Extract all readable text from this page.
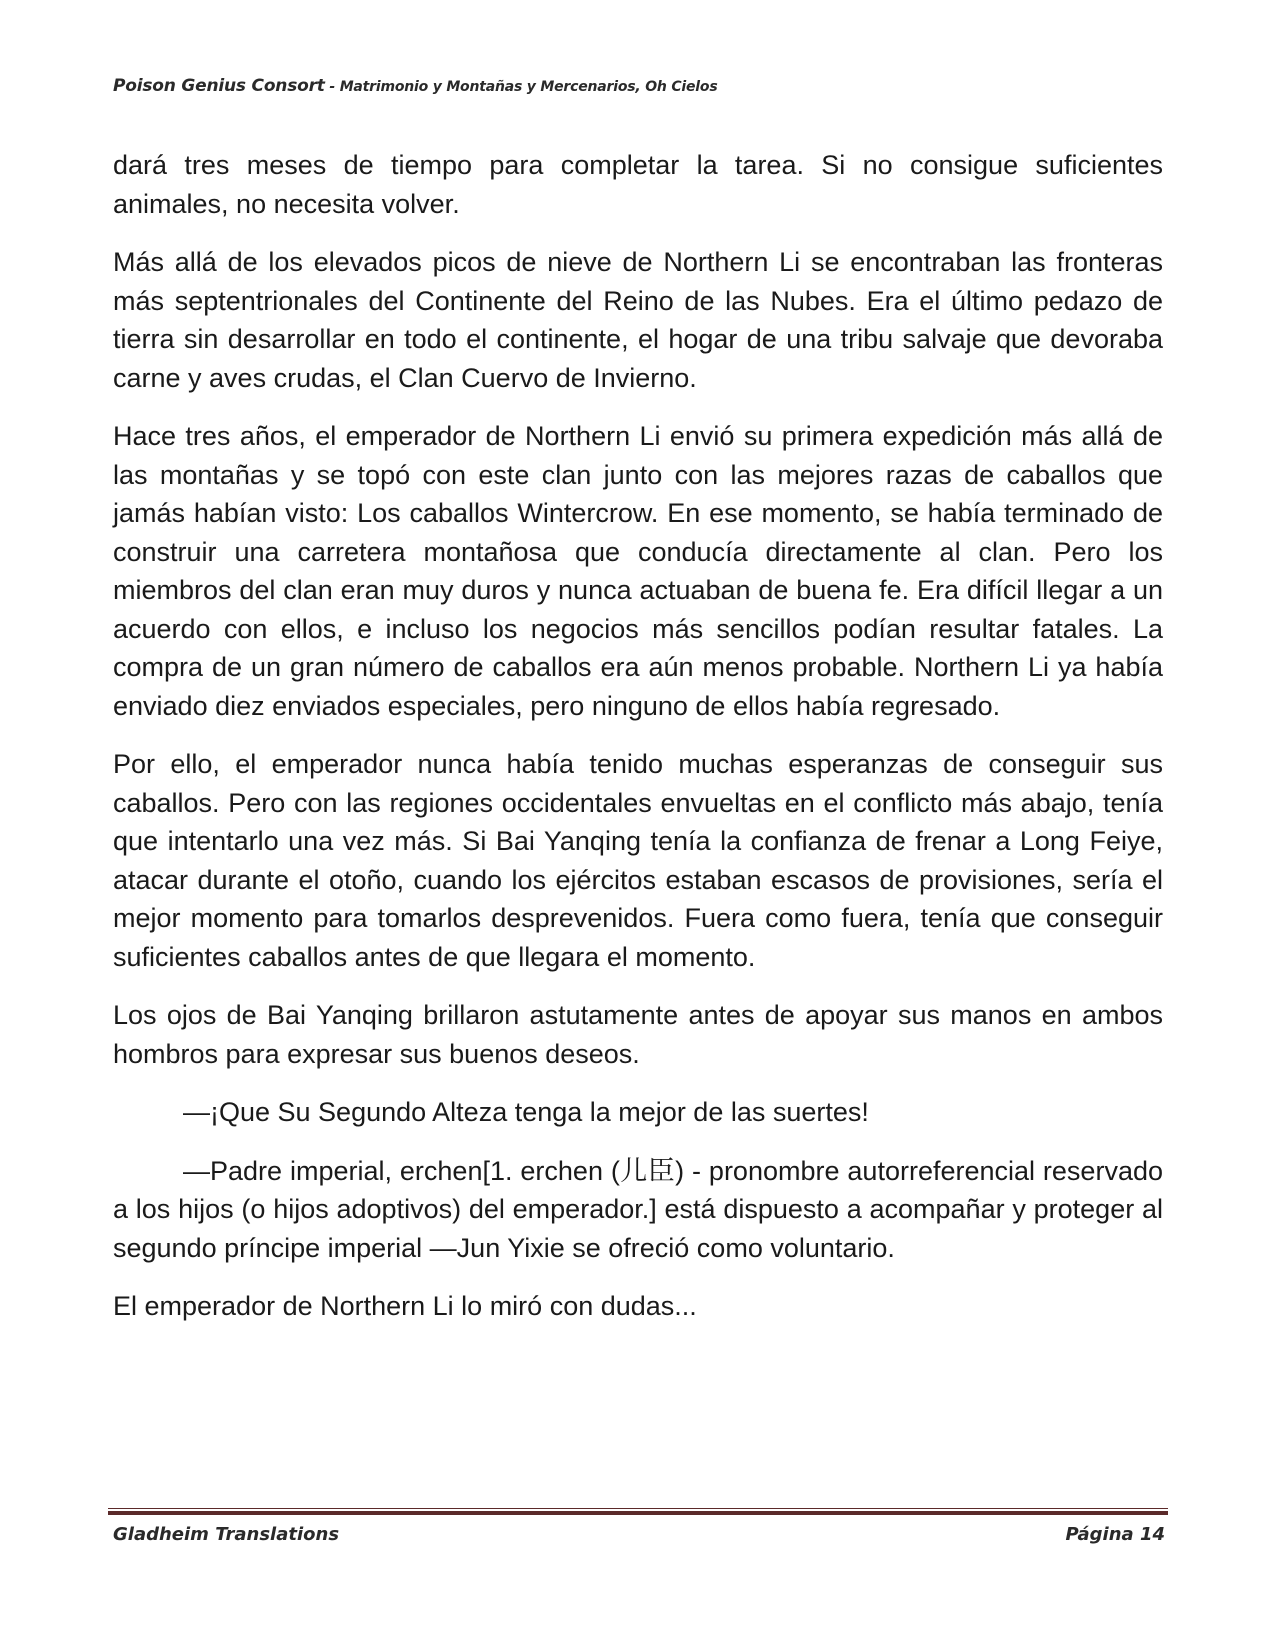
Poison Genius Consort - Matrimonio y Montañas y Mercenarios, Oh Cielos

dará tres meses de tiempo para completar la tarea. Si no consigue suficientes animales, no necesita volver.

Más allá de los elevados picos de nieve de Northern Li se encontraban las fronteras más septentrionales del Continente del Reino de las Nubes. Era el último pedazo de tierra sin desarrollar en todo el continente, el hogar de una tribu salvaje que devoraba carne y aves crudas, el Clan Cuervo de Invierno.

Hace tres años, el emperador de Northern Li envió su primera expedición más allá de las montañas y se topó con este clan junto con las mejores razas de caballos que jamás habían visto: Los caballos Wintercrow. En ese momento, se había terminado de construir una carretera montañosa que conducía directamente al clan. Pero los miembros del clan eran muy duros y nunca actuaban de buena fe. Era difícil llegar a un acuerdo con ellos, e incluso los negocios más sencillos podían resultar fatales. La compra de un gran número de caballos era aún menos probable. Northern Li ya había enviado diez enviados especiales, pero ninguno de ellos había regresado.

Por ello, el emperador nunca había tenido muchas esperanzas de conseguir sus caballos. Pero con las regiones occidentales envueltas en el conflicto más abajo, tenía que intentarlo una vez más. Si Bai Yanqing tenía la confianza de frenar a Long Feiye, atacar durante el otoño, cuando los ejércitos estaban escasos de provisiones, sería el mejor momento para tomarlos desprevenidos. Fuera como fuera, tenía que conseguir suficientes caballos antes de que llegara el momento.

Los ojos de Bai Yanqing brillaron astutamente antes de apoyar sus manos en ambos hombros para expresar sus buenos deseos.

—¡Que Su Segundo Alteza tenga la mejor de las suertes!

—Padre imperial, erchen[1. erchen (儿臣) - pronombre autorreferencial reservado a los hijos (o hijos adoptivos) del emperador.] está dispuesto a acompañar y proteger al segundo príncipe imperial —Jun Yixie se ofreció como voluntario.

El emperador de Northern Li lo miró con dudas...

Gladheim Translations	Página 14
